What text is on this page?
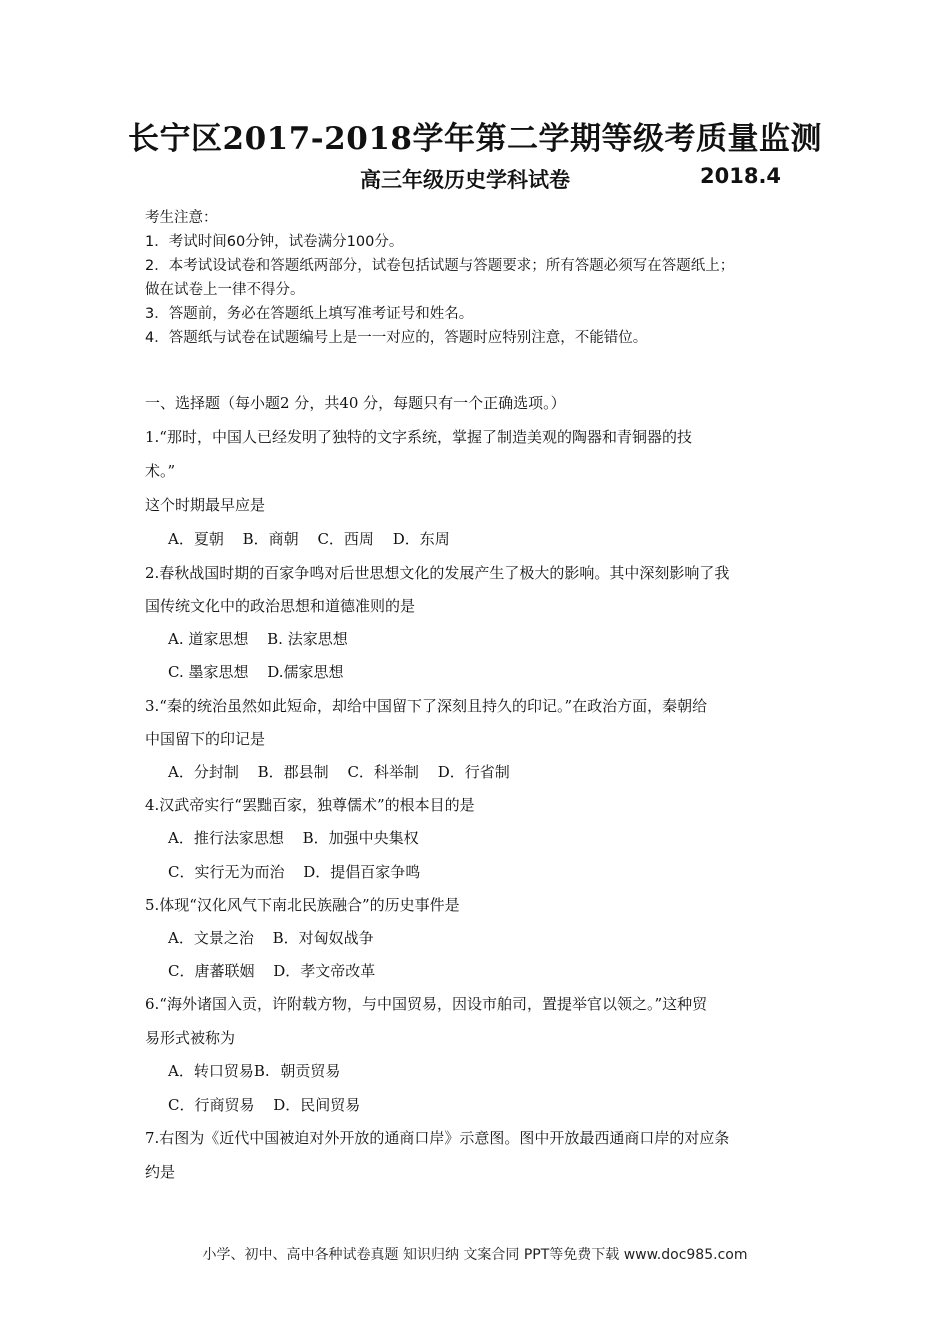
长宁区2017-2018学年第二学期等级考质量监测
高三年级历史学科试卷	2018.4
考生注意：
1．考试时间60分钟，试卷满分100分。
2．本考试设试卷和答题纸两部分，试卷包括试题与答题要求；所有答题必须写在答题纸上；
做在试卷上一律不得分。
3．答题前，务必在答题纸上填写准考证号和姓名。
4．答题纸与试卷在试题编号上是一一对应的，答题时应特别注意，不能错位。
一、选择题（每小题2 分，共40 分，每题只有一个正确选项。）
1.“那时，中国人已经发明了独特的文字系统，掌握了制造美观的陶器和青铜器的技
术。”
这个时期最早应是
A．夏朝 B．商朝 C．西周 D．东周
2.春秋战国时期的百家争鸣对后世思想文化的发展产生了极大的影响。其中深刻影响了我
国传统文化中的政治思想和道德准则的是
A. 道家思想 B. 法家思想
C. 墨家思想 D.儒家思想
3.“秦的统治虽然如此短命，却给中国留下了深刻且持久的印记。”在政治方面，秦朝给
中国留下的印记是
A．分封制 B．郡县制 C．科举制 D．行省制
4.汉武帝实行“罢黜百家，独尊儒术”的根本目的是
A．推行法家思想 B．加强中央集权
C．实行无为而治 D．提倡百家争鸣
5.体现“汉化风气下南北民族融合”的历史事件是
A．文景之治 B．对匈奴战争
C．唐蕃联姻 D．孝文帝改革
6.“海外诸国入贡，许附载方物，与中国贸易，因设市舶司，置提举官以领之。”这种贸
易形式被称为
A．转口贸易B. 朝贡贸易
C．行商贸易 D．民间贸易
7.右图为《近代中国被迫对外开放的通商口岸》示意图。图中开放最西通商口岸的对应条
约是
小学、初中、高中各种试卷真题 知识归纳 文案合同 PPT等免费下载 www.doc985.com
